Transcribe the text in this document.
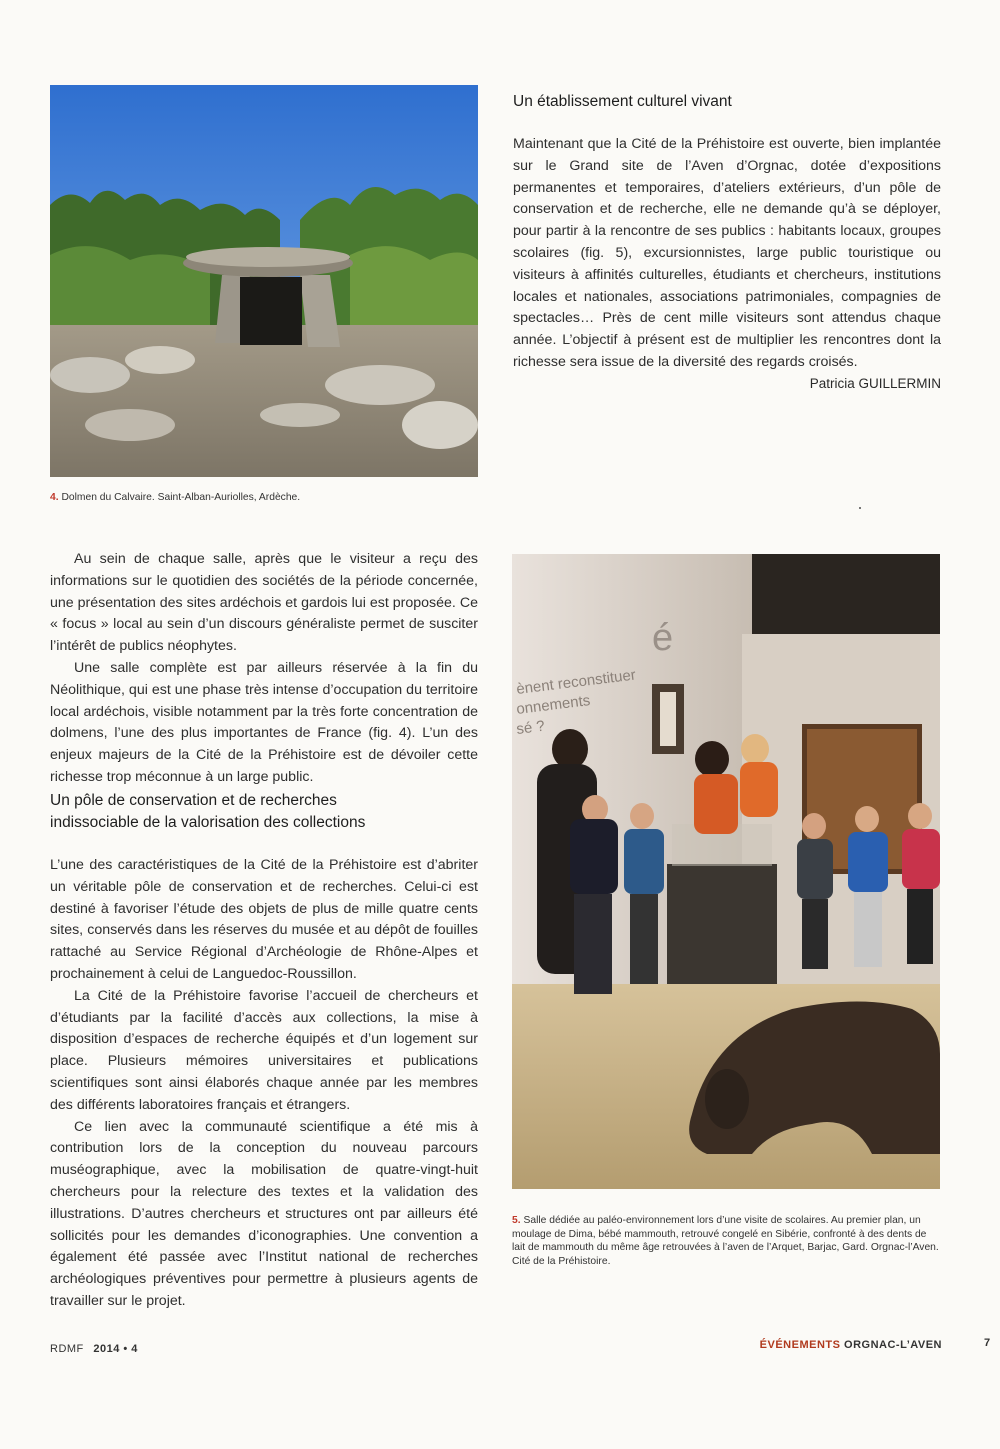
4. Dolmen du Calvaire. Saint-Alban-Auriolles, Ardèche.
Un établissement culturel vivant

Maintenant que la Cité de la Préhistoire est ouverte, bien implantée sur le Grand site de l’Aven d’Orgnac, dotée d’expositions permanentes et temporaires, d’ateliers extérieurs, d’un pôle de conservation et de recherche, elle ne demande qu’à se déployer, pour partir à la rencontre de ses publics : habitants locaux, groupes scolaires (fig. 5), excursionnistes, large public touristique ou visiteurs à affinités culturelles, étudiants et chercheurs, institutions locales et nationales, associations patrimoniales, compagnies de spectacles… Près de cent mille visiteurs sont attendus chaque année. L’objectif à présent est de multiplier les rencontres dont la richesse sera issue de la diversité des regards croisés.

Patricia GUILLERMIN

Au sein de chaque salle, après que le visiteur a reçu des informations sur le quotidien des sociétés de la période concernée, une présentation des sites ardéchois et gardois lui est proposée. Ce « focus » local au sein d’un discours généraliste permet de susciter l’intérêt de publics néophytes.

Une salle complète est par ailleurs réservée à la fin du Néolithique, qui est une phase très intense d’occupation du territoire local ardéchois, visible notamment par la très forte concentration de dolmens, l’une des plus importantes de France (fig. 4). L’un des enjeux majeurs de la Cité de la Préhistoire est de dévoiler cette richesse trop méconnue à un large public.

Un pôle de conservation et de recherches
indissociable de la valorisation des collections

L’une des caractéristiques de la Cité de la Préhistoire est d’abriter un véritable pôle de conservation et de recherches. Celui-ci est destiné à favoriser l’étude des objets de plus de mille quatre cents sites, conservés dans les réserves du musée et au dépôt de fouilles rattaché au Service Régional d’Archéologie de Rhône-Alpes et prochainement à celui de Languedoc-Roussillon.

La Cité de la Préhistoire favorise l’accueil de chercheurs et d’étudiants par la facilité d’accès aux collections, la mise à disposition d’espaces de recherche équipés et d’un logement sur place. Plusieurs mémoires universitaires et publications scientifiques sont ainsi élaborés chaque année par les membres des différents laboratoires français et étrangers.

Ce lien avec la communauté scientifique a été mis à contribution lors de la conception du nouveau parcours muséographique, avec la mobilisation de quatre-vingt-huit chercheurs pour la relecture des textes et la validation des illustrations. D’autres chercheurs et structures ont par ailleurs été sollicités pour les demandes d’iconographies. Une convention a également été passée avec l’Institut national de recherches archéologiques préventives pour permettre à plusieurs agents de travailler sur le projet.

é
ènent reconstituer
onnements
sé ?
5. Salle dédiée au paléo-environnement lors d’une visite de scolaires. Au premier plan, un moulage de Dima, bébé mammouth, retrouvé congelé en Sibérie, confronté à des dents de lait de mammouth du même âge retrouvées à l’aven de l’Arquet, Barjac, Gard. Orgnac-l’Aven. Cité de la Préhistoire.
RDMF 2014 • 4	ÉVÉNEMENTS ORGNAC-L’AVEN	7
